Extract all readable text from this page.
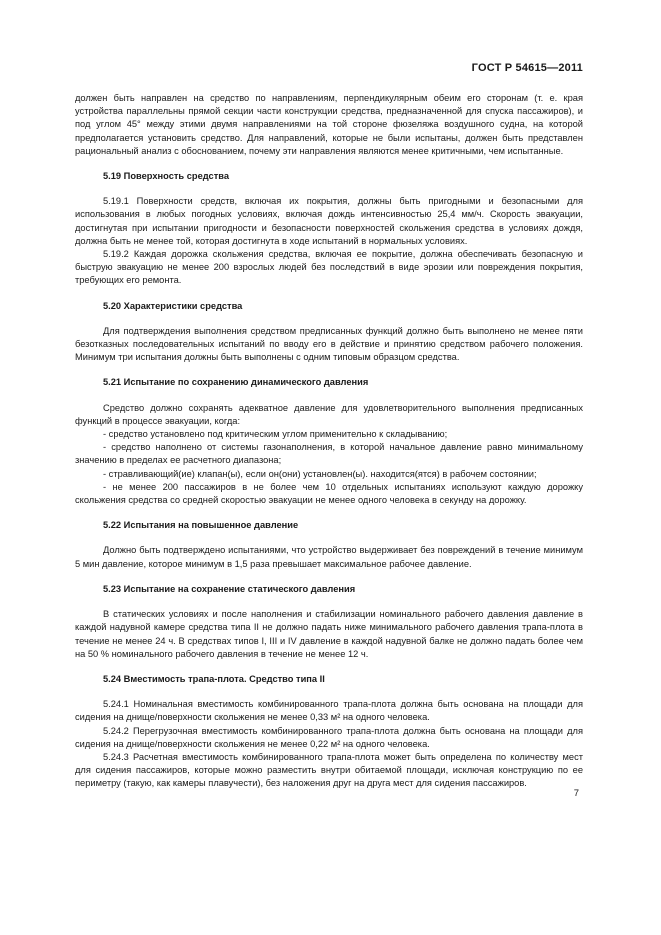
ГОСТ Р 54615—2011

должен быть направлен на средство по направлениям, перпендикулярным обеим его сторонам (т. е. края устройства параллельны прямой секции части конструкции средства, предназначенной для спуска пассажиров), и под углом 45° между этими двумя направлениями на той стороне фюзеляжа воздушного судна, на которой предполагается установить средство. Для направлений, которые не были испытаны, должен быть представлен рациональный анализ с обоснованием, почему эти направления являются менее критичными, чем испытанные.

5.19 Поверхность средства

5.19.1 Поверхности средств, включая их покрытия, должны быть пригодными и безопасными для использования в любых погодных условиях, включая дождь интенсивностью 25,4 мм/ч. Скорость эвакуации, достигнутая при испытании пригодности и безопасности поверхностей скольжения средства в условиях дождя, должна быть не менее той, которая достигнута в ходе испытаний в нормальных условиях.

5.19.2 Каждая дорожка скольжения средства, включая ее покрытие, должна обеспечивать безопасную и быструю эвакуацию не менее 200 взрослых людей без последствий в виде эрозии или повреждения покрытия, требующих его ремонта.

5.20 Характеристики средства

Для подтверждения выполнения средством предписанных функций должно быть выполнено не менее пяти безотказных последовательных испытаний по вводу его в действие и принятию средством рабочего положения. Минимум три испытания должны быть выполнены с одним типовым образцом средства.

5.21 Испытание по сохранению динамического давления

Средство должно сохранять адекватное давление для удовлетворительного выполнения предписанных функций в процессе эвакуации, когда:

- средство установлено под критическим углом применительно к складыванию;

- средство наполнено от системы газонаполнения, в которой начальное давление равно минимальному значению в пределах ее расчетного диапазона;

- стравливающий(ие) клапан(ы), если он(они) установлен(ы). находится(ятся) в рабочем состоянии;

- не менее 200 пассажиров в не более чем 10 отдельных испытаниях используют каждую дорожку скольжения средства со средней скоростью эвакуации не менее одного человека в секунду на дорожку.

5.22 Испытания на повышенное давление

Должно быть подтверждено испытаниями, что устройство выдерживает без повреждений в течение минимум 5 мин давление, которое минимум в 1,5 раза превышает максимальное рабочее давление.

5.23 Испытание на сохранение статического давления

В статических условиях и после наполнения и стабилизации номинального рабочего давления давление в каждой надувной камере средства типа II не должно падать ниже минимального рабочего давления трапа-плота в течение не менее 24 ч. В средствах типов I, III и IV давление в каждой надувной балке не должно падать более чем на 50 % номинального рабочего давления в течение не менее 12 ч.

5.24 Вместимость трапа-плота. Средство типа II

5.24.1 Номинальная вместимость комбинированного трапа-плота должна быть основана на площади для сидения на днище/поверхности скольжения не менее 0,33 м² на одного человека.

5.24.2 Перегрузочная вместимость комбинированного трапа-плота должна быть основана на площади для сидения на днище/поверхности скольжения не менее 0,22 м² на одного человека.

5.24.3 Расчетная вместимость комбинированного трапа-плота может быть определена по количеству мест для сидения пассажиров, которые можно разместить внутри обитаемой площади, исключая конструкцию по ее периметру (такую, как камеры плавучести), без наложения друг на друга мест для сидения пассажиров.

7
